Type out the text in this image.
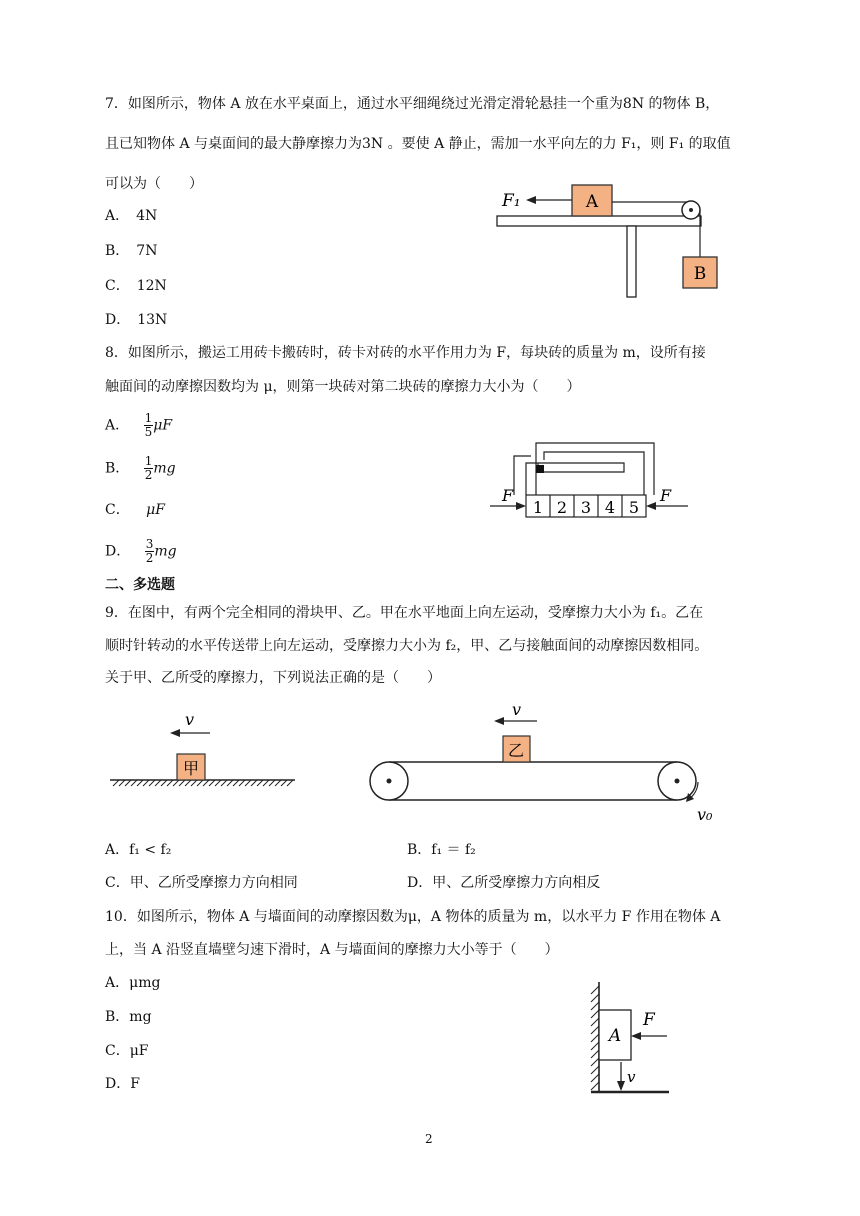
7．如图所示，物体 A 放在水平桌面上，通过水平细绳绕过光滑定滑轮悬挂一个重为8N 的物体 B，
且已知物体 A 与桌面间的最大静摩擦力为3N 。要使 A 静止，需加一水平向左的力 F₁，则 F₁ 的取值
可以为（　　）
A．　4N
B．　7N
C．　12N
D．　13N
A
B
F₁
8．如图所示，搬运工用砖卡搬砖时，砖卡对砖的水平作用力为 F，每块砖的质量为 m，设所有接
触面间的动摩擦因数均为 μ，则第一块砖对第二块砖的摩擦力大小为（　　）
A． $\frac{1}{5}$ μF
B． $\frac{1}{2}$ mg
C． μF
D． $\frac{3}{2}$ mg
1 2 3 4 5
F	F
二、多选题
9．在图中，有两个完全相同的滑块甲、乙。甲在水平地面上向左运动，受摩擦力大小为 f₁。乙在
顺时针转动的水平传送带上向左运动，受摩擦力大小为 f₂，甲、乙与接触面间的动摩擦因数相同。
关于甲、乙所受的摩擦力，下列说法正确的是（　　）
甲
v
v₀
乙
v
A．f₁ < f₂	B．f₁ ＝ f₂
C．甲、乙所受摩擦力方向相同	D．甲、乙所受摩擦力方向相反
10．如图所示，物体 A 与墙面间的动摩擦因数为μ，A 物体的质量为 m，以水平力 F 作用在物体 A
上，当 A 沿竖直墙壁匀速下滑时，A 与墙面间的摩擦力大小等于（　　）
A．μmg
B．mg
C．μF
D．F
A
F
v
2
